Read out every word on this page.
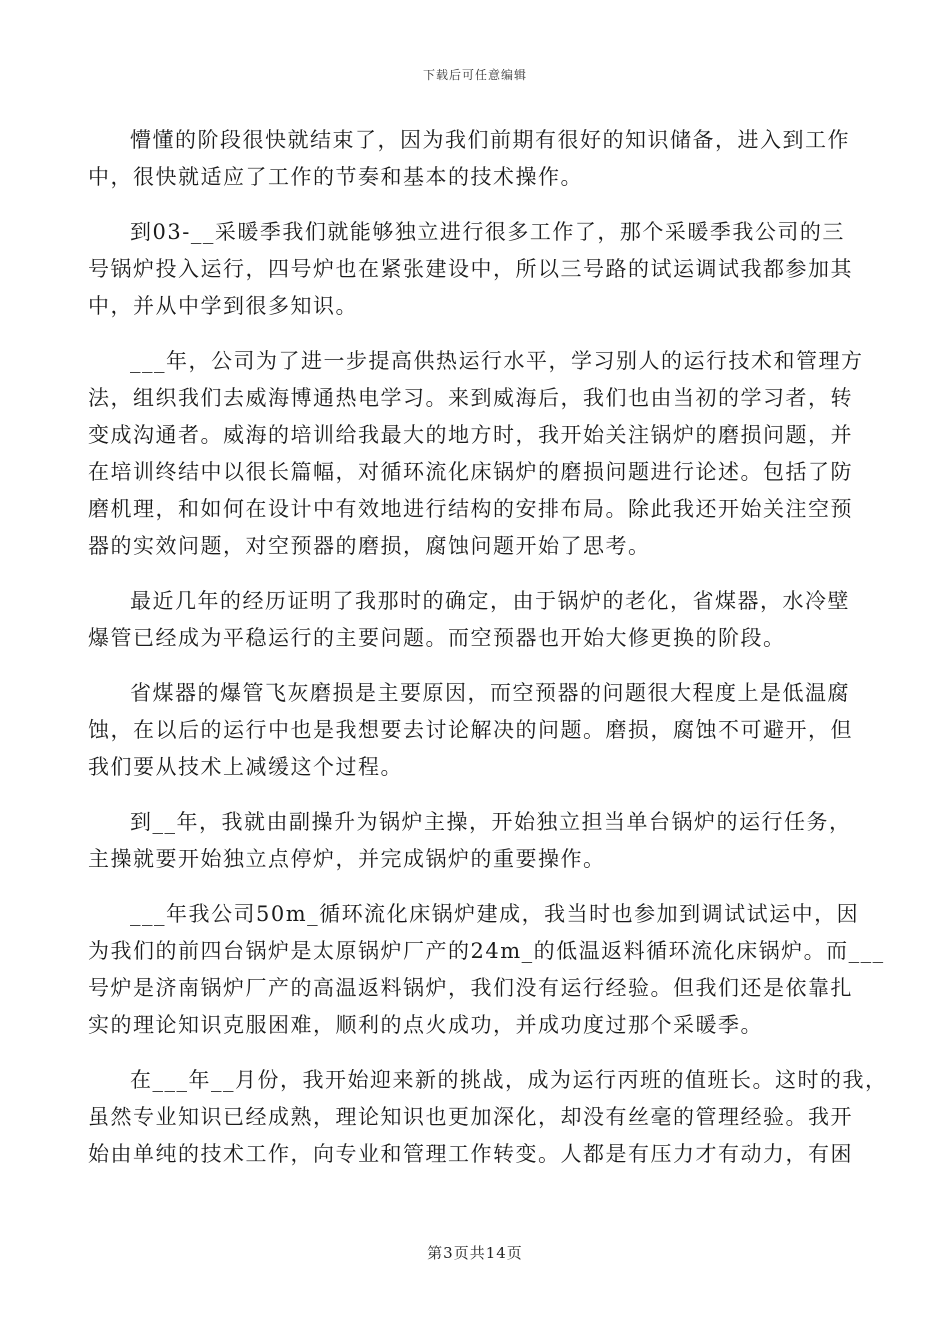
下载后可任意编辑

懵懂的阶段很快就结束了，因为我们前期有很好的知识储备，进入到工作
中，很快就适应了工作的节奏和基本的技术操作。

到03-__采暖季我们就能够独立进行很多工作了，那个采暖季我公司的三
号锅炉投入运行，四号炉也在紧张建设中，所以三号路的试运调试我都参加其
中，并从中学到很多知识。

___年，公司为了进一步提高供热运行水平，学习别人的运行技术和管理方
法，组织我们去威海博通热电学习。来到威海后，我们也由当初的学习者，转
变成沟通者。威海的培训给我最大的地方时，我开始关注锅炉的磨损问题，并
在培训终结中以很长篇幅，对循环流化床锅炉的磨损问题进行论述。包括了防
磨机理，和如何在设计中有效地进行结构的安排布局。除此我还开始关注空预
器的实效问题，对空预器的磨损，腐蚀问题开始了思考。

最近几年的经历证明了我那时的确定，由于锅炉的老化，省煤器，水冷壁
爆管已经成为平稳运行的主要问题。而空预器也开始大修更换的阶段。

省煤器的爆管飞灰磨损是主要原因，而空预器的问题很大程度上是低温腐
蚀，在以后的运行中也是我想要去讨论解决的问题。磨损，腐蚀不可避开，但
我们要从技术上减缓这个过程。

到__年，我就由副操升为锅炉主操，开始独立担当单台锅炉的运行任务，
主操就要开始独立点停炉，并完成锅炉的重要操作。

___年我公司50m_循环流化床锅炉建成，我当时也参加到调试试运中，因
为我们的前四台锅炉是太原锅炉厂产的24m_的低温返料循环流化床锅炉。而___
号炉是济南锅炉厂产的高温返料锅炉，我们没有运行经验。但我们还是依靠扎
实的理论知识克服困难，顺利的点火成功，并成功度过那个采暖季。

在___年__月份，我开始迎来新的挑战，成为运行丙班的值班长。这时的我，
虽然专业知识已经成熟，理论知识也更加深化，却没有丝毫的管理经验。我开
始由单纯的技术工作，向专业和管理工作转变。人都是有压力才有动力，有困

第3页共14页
